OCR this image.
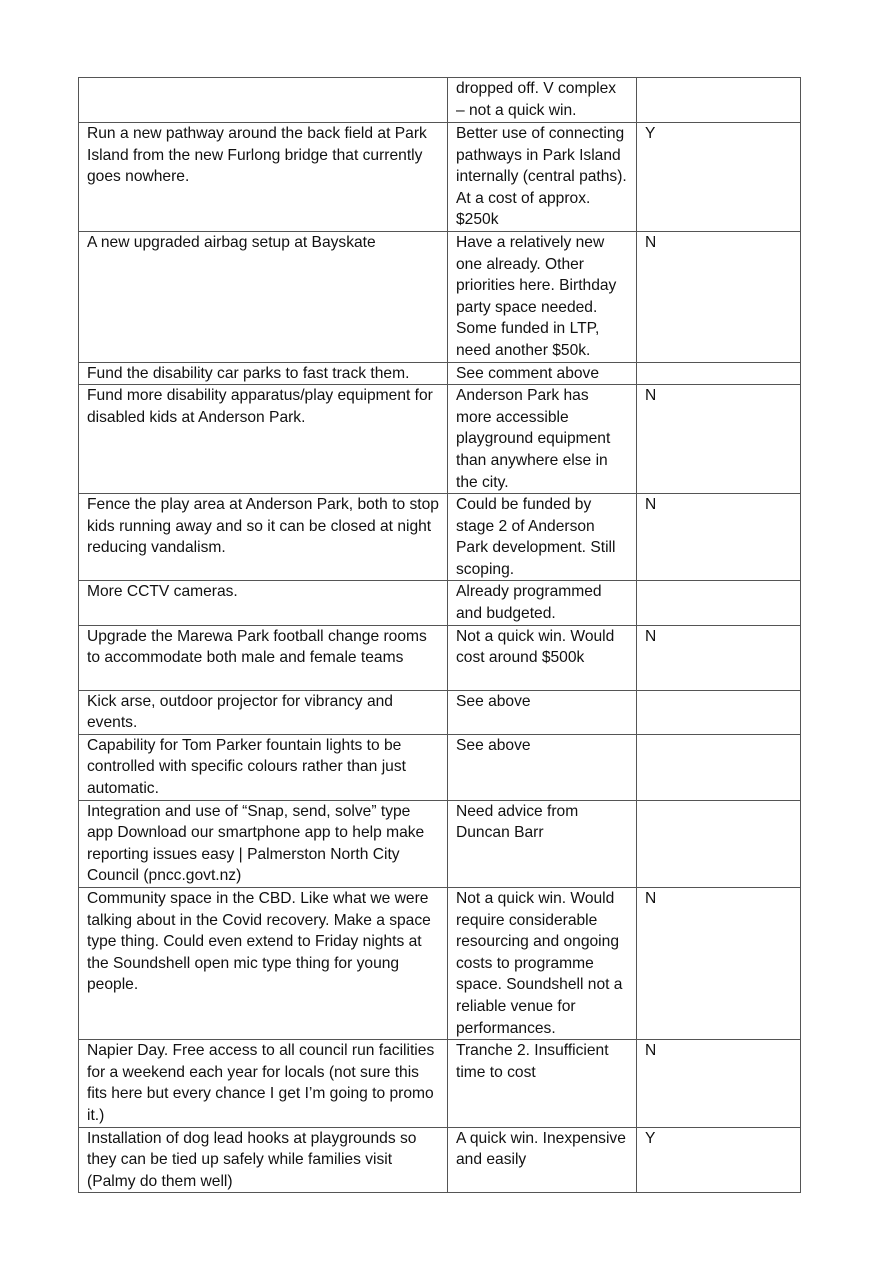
	dropped off. V complex – not a quick win.	

Run a new pathway around the back field at Park Island from the new Furlong bridge that currently goes nowhere.	Better use of connecting pathways in Park Island internally (central paths). At a cost of approx. $250k	Y

A new upgraded airbag setup at Bayskate	Have a relatively new one already. Other priorities here. Birthday party space needed. Some funded in LTP, need another $50k.	N

Fund the disability car parks to fast track them.	See comment above	

Fund more disability apparatus/play equipment for disabled kids at Anderson Park.	Anderson Park has more accessible playground equipment than anywhere else in the city.	N

Fence the play area at Anderson Park, both to stop kids running away and so it can be closed at night reducing vandalism.	Could be funded by stage 2 of Anderson Park development. Still scoping.	N

More CCTV cameras.	Already programmed and budgeted.	

Upgrade the Marewa Park football change rooms to accommodate both male and female teams	Not a quick win. Would cost around $500k	N

Kick arse, outdoor projector for vibrancy and events.	See above	

Capability for Tom Parker fountain lights to be controlled with specific colours rather than just automatic.	See above	

Integration and use of “Snap, send, solve” type app Download our smartphone app to help make reporting issues easy | Palmerston North City Council (pncc.govt.nz)	Need advice from Duncan Barr	

Community space in the CBD. Like what we were talking about in the Covid recovery. Make a space type thing. Could even extend to Friday nights at the Soundshell open mic type thing for young people.	Not a quick win. Would require considerable resourcing and ongoing costs to programme space. Soundshell not a reliable venue for performances.	N

Napier Day. Free access to all council run facilities for a weekend each year for locals (not sure this fits here but every chance I get I’m going to promo it.)	Tranche 2. Insufficient time to cost	N

Installation of dog lead hooks at playgrounds so they can be tied up safely while families visit (Palmy do them well)	A quick win. Inexpensive and easily	Y
